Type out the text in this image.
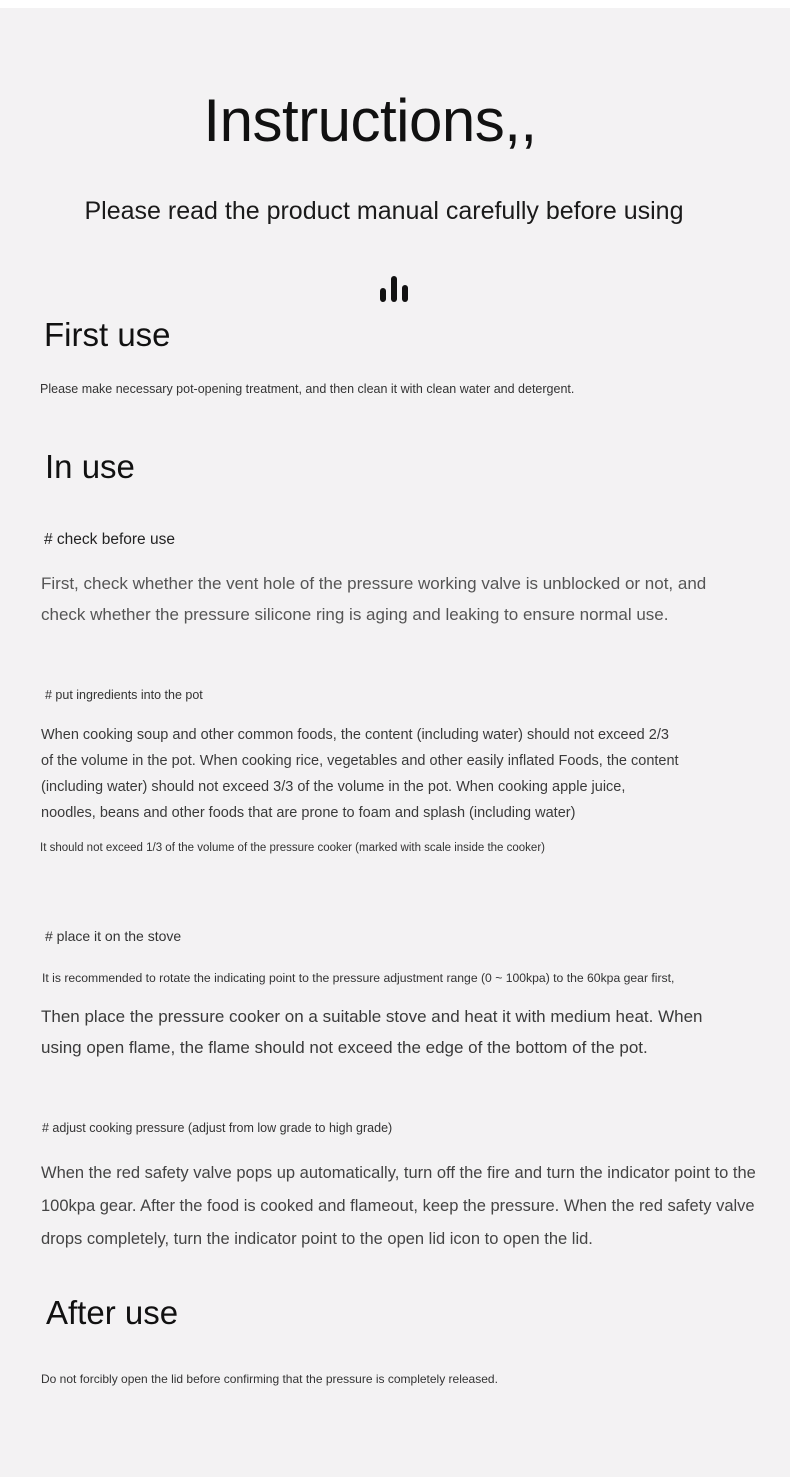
Instructions,,
Please read the product manual carefully before using
First use
Please make necessary pot-opening treatment, and then clean it with clean water and detergent.
In use
# check before use
First, check whether the vent hole of the pressure working valve is unblocked or not, and
check whether the pressure silicone ring is aging and leaking to ensure normal use.
# put ingredients into the pot
When cooking soup and other common foods, the content (including water) should not exceed 2/3
of the volume in the pot. When cooking rice, vegetables and other easily inflated Foods, the content
(including water) should not exceed 3/3 of the volume in the pot. When cooking apple juice,
noodles, beans and other foods that are prone to foam and splash (including water)
It should not exceed 1/3 of the volume of the pressure cooker (marked with scale inside the cooker)
# place it on the stove
It is recommended to rotate the indicating point to the pressure adjustment range (0 ~ 100kpa) to the 60kpa gear first,
Then place the pressure cooker on a suitable stove and heat it with medium heat. When
using open flame, the flame should not exceed the edge of the bottom of the pot.
# adjust cooking pressure (adjust from low grade to high grade)
When the red safety valve pops up automatically, turn off the fire and turn the indicator point to the
100kpa gear. After the food is cooked and flameout, keep the pressure. When the red safety valve
drops completely, turn the indicator point to the open lid icon to open the lid.
After use
Do not forcibly open the lid before confirming that the pressure is completely released.
